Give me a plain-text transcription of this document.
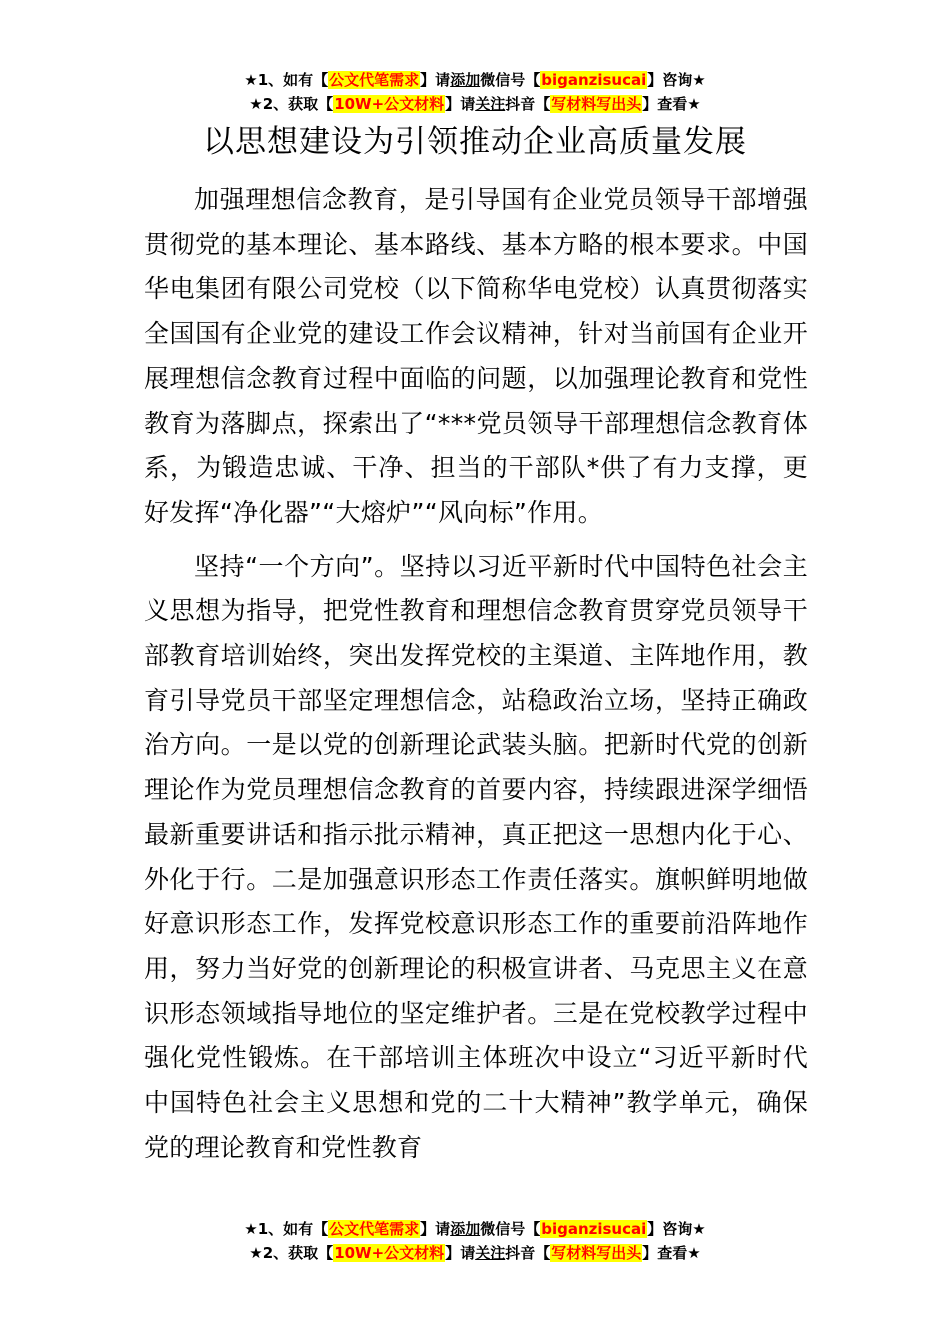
★1、如有【公文代笔需求】请添加微信号【biganzisucai】咨询★
★2、获取【10W+公文材料】请关注抖音【写材料写出头】查看★
以思想建设为引领推动企业高质量发展

加强理想信念教育，是引导国有企业党员领导干部增强贯彻党的基本理论、基本路线、基本方略的根本要求。中国华电集团有限公司党校（以下简称华电党校）认真贯彻落实全国国有企业党的建设工作会议精神，针对当前国有企业开展理想信念教育过程中面临的问题，以加强理论教育和党性教育为落脚点，探索出了“***党员领导干部理想信念教育体系，为锻造忠诚、干净、担当的干部队*供了有力支撑，更好发挥“净化器”“大熔炉”“风向标”作用。

坚持“一个方向”。坚持以习近平新时代中国特色社会主义思想为指导，把党性教育和理想信念教育贯穿党员领导干部教育培训始终，突出发挥党校的主渠道、主阵地作用，教育引导党员干部坚定理想信念，站稳政治立场，坚持正确政治方向。一是以党的创新理论武装头脑。把新时代党的创新理论作为党员理想信念教育的首要内容，持续跟进深学细悟最新重要讲话和指示批示精神，真正把这一思想内化于心、外化于行。二是加强意识形态工作责任落实。旗帜鲜明地做好意识形态工作，发挥党校意识形态工作的重要前沿阵地作用，努力当好党的创新理论的积极宣讲者、马克思主义在意识形态领域指导地位的坚定维护者。三是在党校教学过程中强化党性锻炼。在干部培训主体班次中设立“习近平新时代中国特色社会主义思想和党的二十大精神”教学单元，确保党的理论教育和党性教育

★1、如有【公文代笔需求】请添加微信号【biganzisucai】咨询★
★2、获取【10W+公文材料】请关注抖音【写材料写出头】查看★
